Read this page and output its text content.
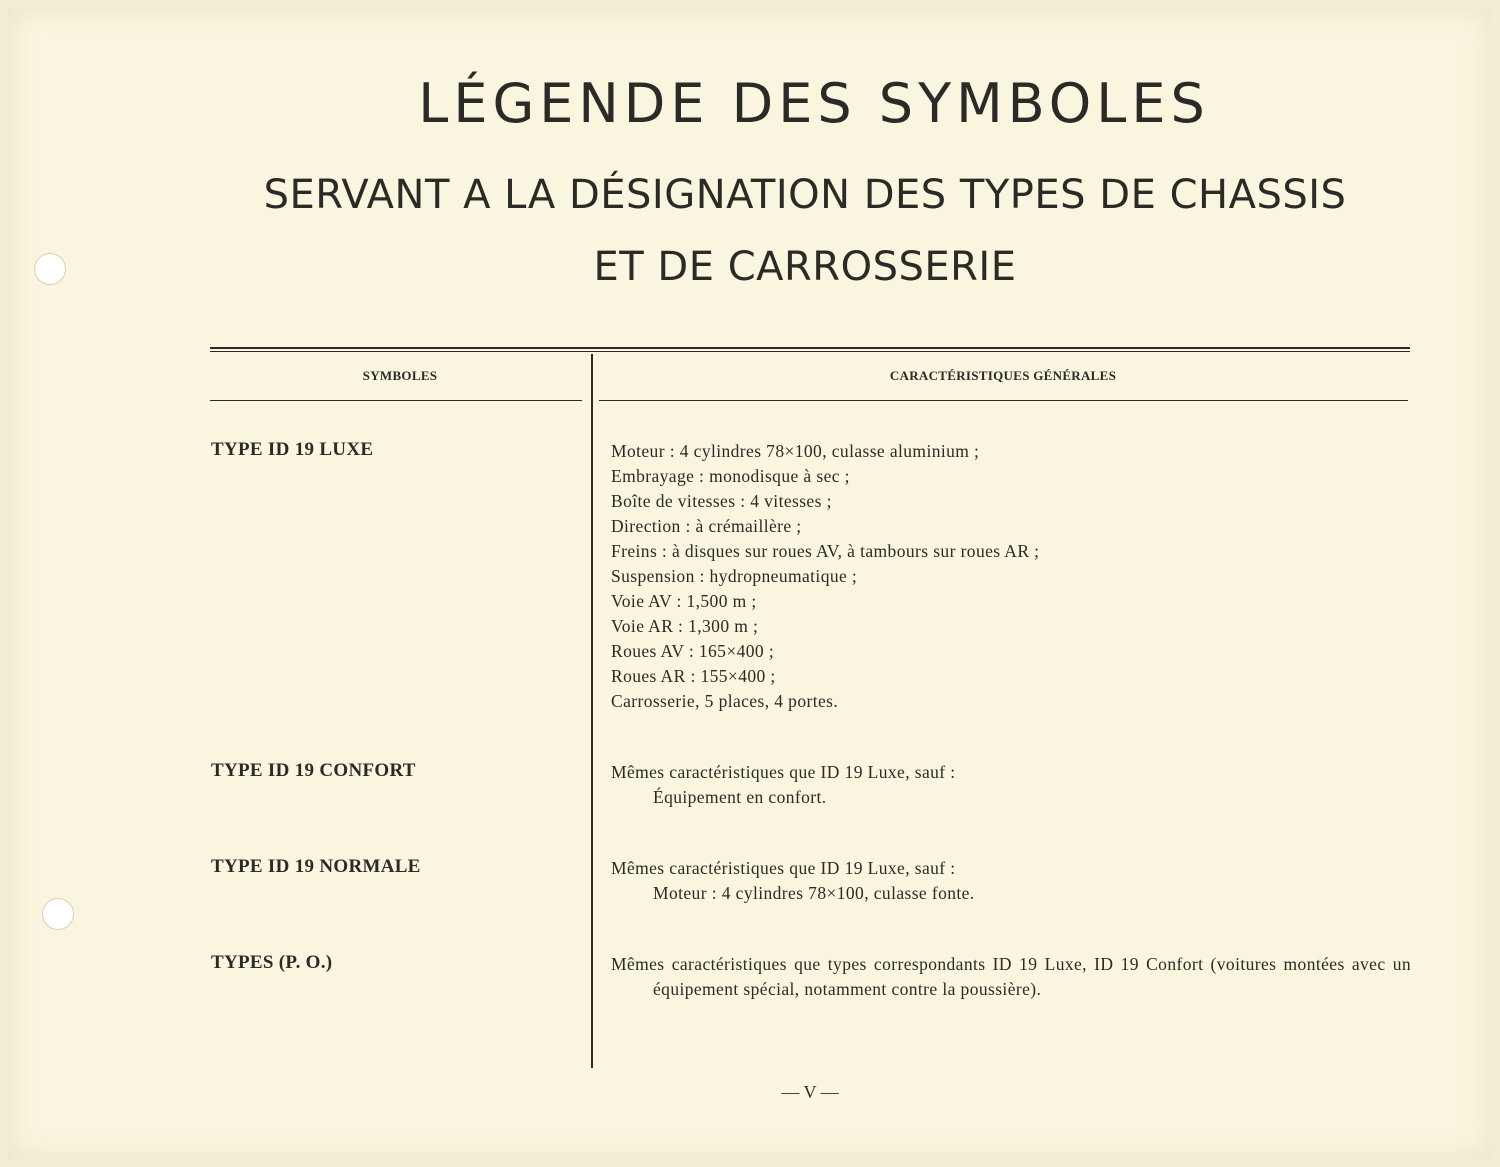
LÉGENDE DES SYMBOLES
SERVANT A LA DÉSIGNATION DES TYPES DE CHASSIS
ET DE CARROSSERIE
SYMBOLES	CARACTÉRISTIQUES GÉNÉRALES
TYPE ID 19 LUXE	Moteur : 4 cylindres 78×100, culasse aluminium ;
Embrayage : monodisque à sec ;
Boîte de vitesses : 4 vitesses ;
Direction : à crémaillère ;
Freins : à disques sur roues AV, à tambours sur roues AR ;
Suspension : hydropneumatique ;
Voie AV : 1,500 m ;
Voie AR : 1,300 m ;
Roues AV : 165×400 ;
Roues AR : 155×400 ;
Carrosserie, 5 places, 4 portes.
TYPE ID 19 CONFORT	Mêmes caractéristiques que ID 19 Luxe, sauf :
Équipement en confort.
TYPE ID 19 NORMALE	Mêmes caractéristiques que ID 19 Luxe, sauf :
Moteur : 4 cylindres 78×100, culasse fonte.
TYPES (P. O.)	Mêmes caractéristiques que types correspondants ID 19 Luxe, ID 19 Confort (voitures montées avec un équipement spécial, notamment contre la poussière).
— V —
